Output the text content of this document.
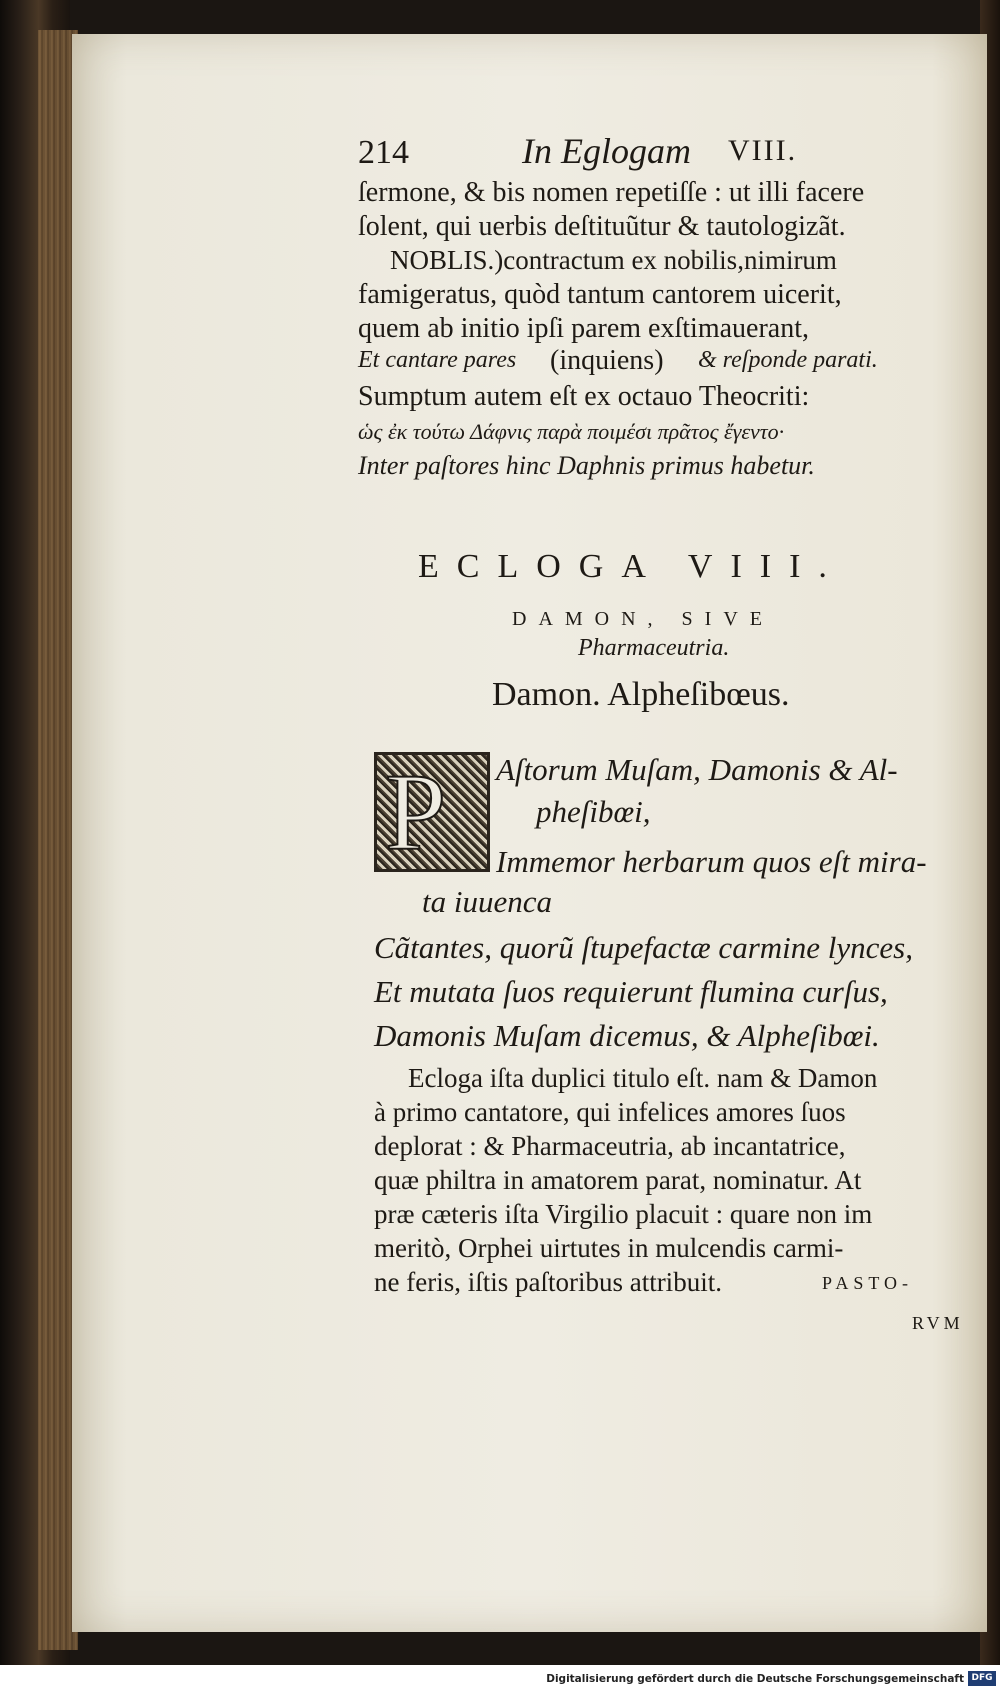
214	In Eglogam VIII.
ſermone, & bis nomen repetiſſe : ut illi facere
ſolent, qui uerbis deſtituũtur & tautologizãt.
NOBLIS.)contractum ex nobilis,nimirum
famigeratus, quòd tantum cantorem uicerit,
quem ab initio ipſi parem exſtimauerant,
Et cantare pares (inquiens) & reſponde parati.
Sumptum autem eſt ex octauo Theocriti:
ὡς ἐκ τούτω Δάφνις παρὰ ποιμέσι πρᾶτος ἔγεντο·
Inter paſtores hinc Daphnis primus habetur.
ECLOGA VIII.
DAMON, SIVE
Pharmaceutria.
Damon. Alpheſibœus.
P Aſtorum Muſam, Damonis & Al-
pheſibœi,
Immemor herbarum quos eſt mira-
ta iuuenca
Cãtantes, quorũ ſtupefactæ carmine lynces,
Et mutata ſuos requierunt flumina curſus,
Damonis Muſam dicemus, & Alpheſibœi.
Ecloga iſta duplici titulo eſt. nam & Damon
à primo cantatore, qui infelices amores ſuos
deplorat : & Pharmaceutria, ab incantatrice,
quæ philtra in amatorem parat, nominatur. At
præ cæteris iſta Virgilio placuit : quare non im
meritò, Orphei uirtutes in mulcendis carmi-
ne feris, iſtis paſtoribus attribuit.	PASTO-
RVM
Digitalisierung gefördert durch die Deutsche Forschungsgemeinschaft DFG
